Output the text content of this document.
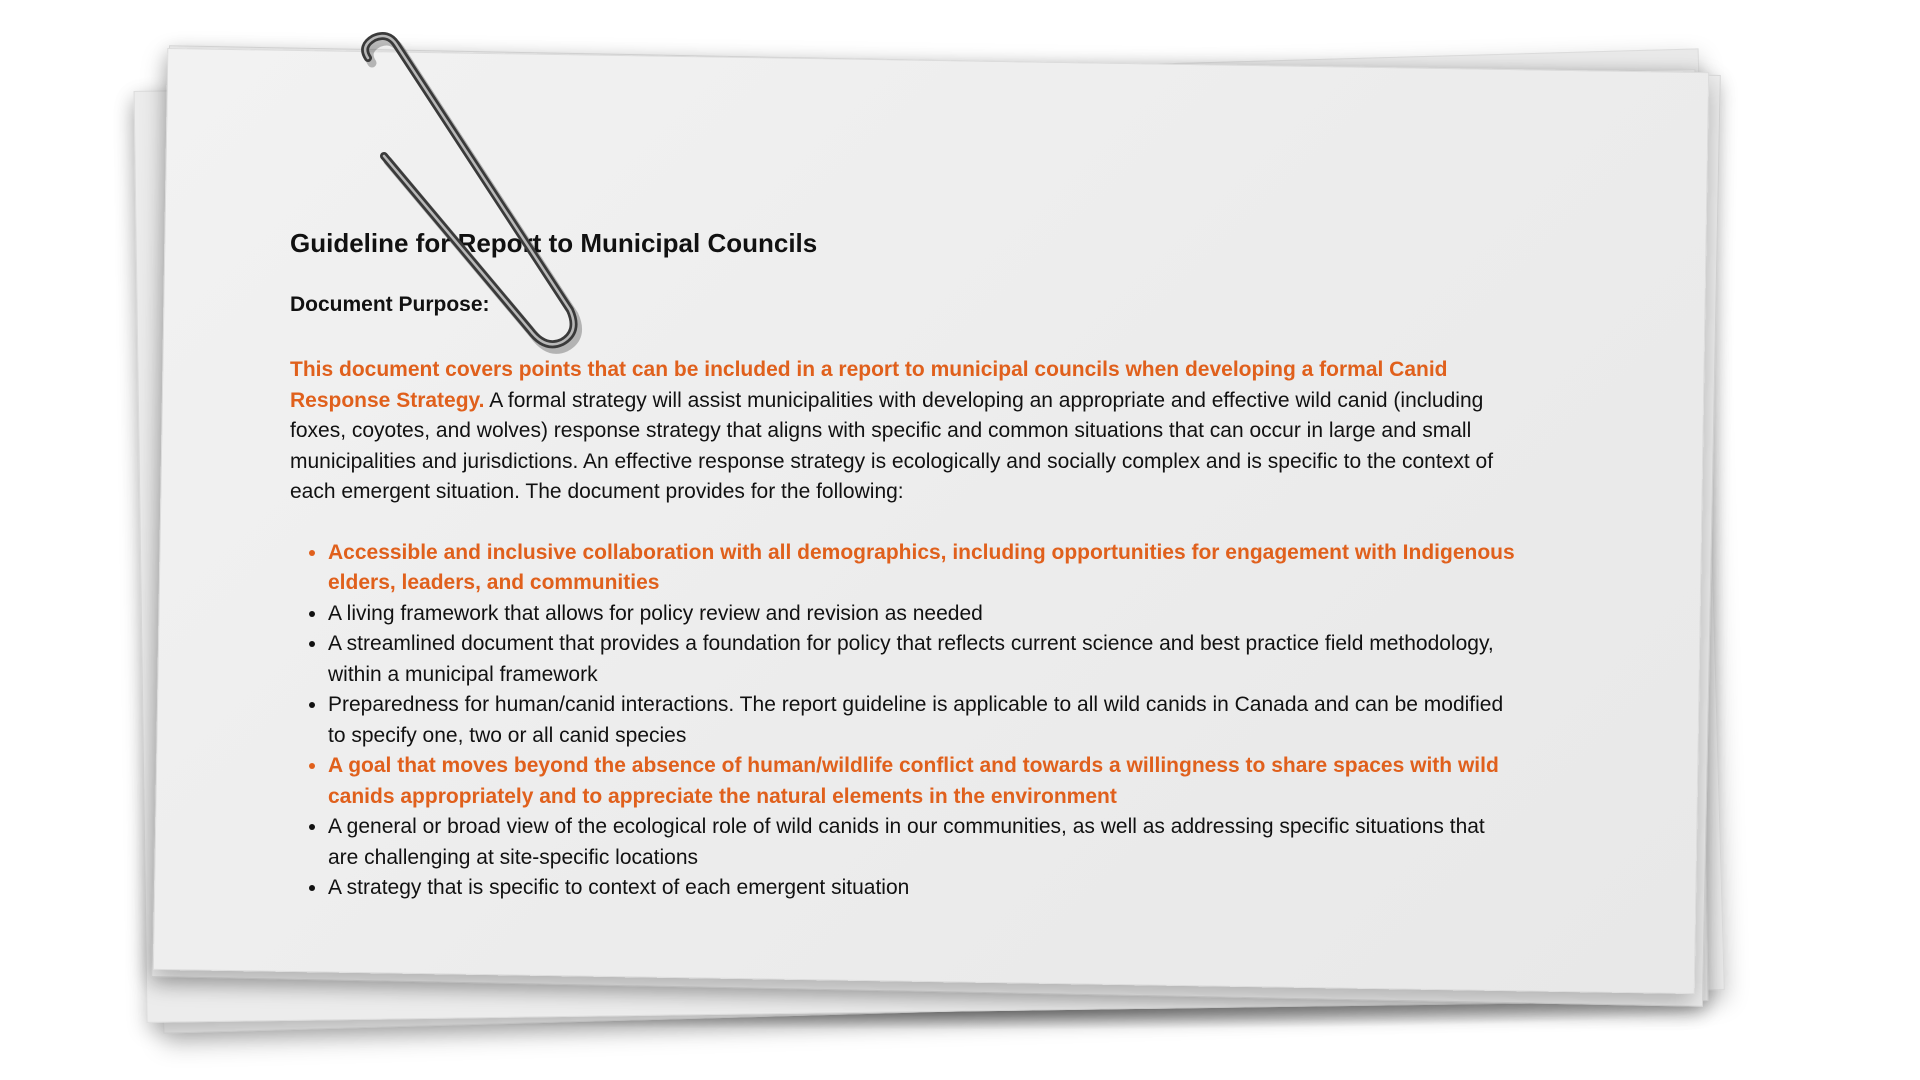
Guideline for Report to Municipal Councils
Document Purpose:

This document covers points that can be included in a report to municipal councils when developing a formal Canid Response Strategy. A formal strategy will assist municipalities with developing an appropriate and effective wild canid (including foxes, coyotes, and wolves) response strategy that aligns with specific and common situations that can occur in large and small municipalities and jurisdictions. An effective response strategy is ecologically and socially complex and is specific to the context of each emergent situation. The document provides for the following:

• Accessible and inclusive collaboration with all demographics, including opportunities for engagement with Indigenous elders, leaders, and communities
• A living framework that allows for policy review and revision as needed
• A streamlined document that provides a foundation for policy that reflects current science and best practice field methodology, within a municipal framework
• Preparedness for human/canid interactions. The report guideline is applicable to all wild canids in Canada and can be modified to specify one, two or all canid species
• A goal that moves beyond the absence of human/wildlife conflict and towards a willingness to share spaces with wild canids appropriately and to appreciate the natural elements in the environment
• A general or broad view of the ecological role of wild canids in our communities, as well as addressing specific situations that are challenging at site-specific locations
• A strategy that is specific to context of each emergent situation
